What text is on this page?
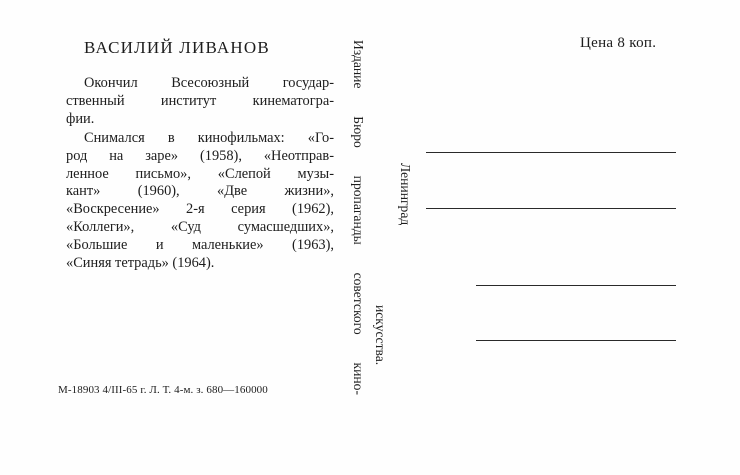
ВАСИЛИЙ ЛИВАНОВ
Окончил Всесоюзный государ-
ственный институт кинематогра-
фии.
Снимался в кинофильмах: «Го-
род на заре» (1958), «Неотправ-
ленное письмо», «Слепой музы-
кант» (1960), «Две жизни»,
«Воскресение» 2-я серия (1962),
«Коллеги», «Суд сумасшедших»,
«Большие и маленькие» (1963),
«Синяя тетрадь» (1964).
М-18903 4/III-65 г. Л. Т. 4-м. з. 680—160000	Издание Бюро пропаганды советского кино- искусства.
Ленинград
Цена 8 коп.
